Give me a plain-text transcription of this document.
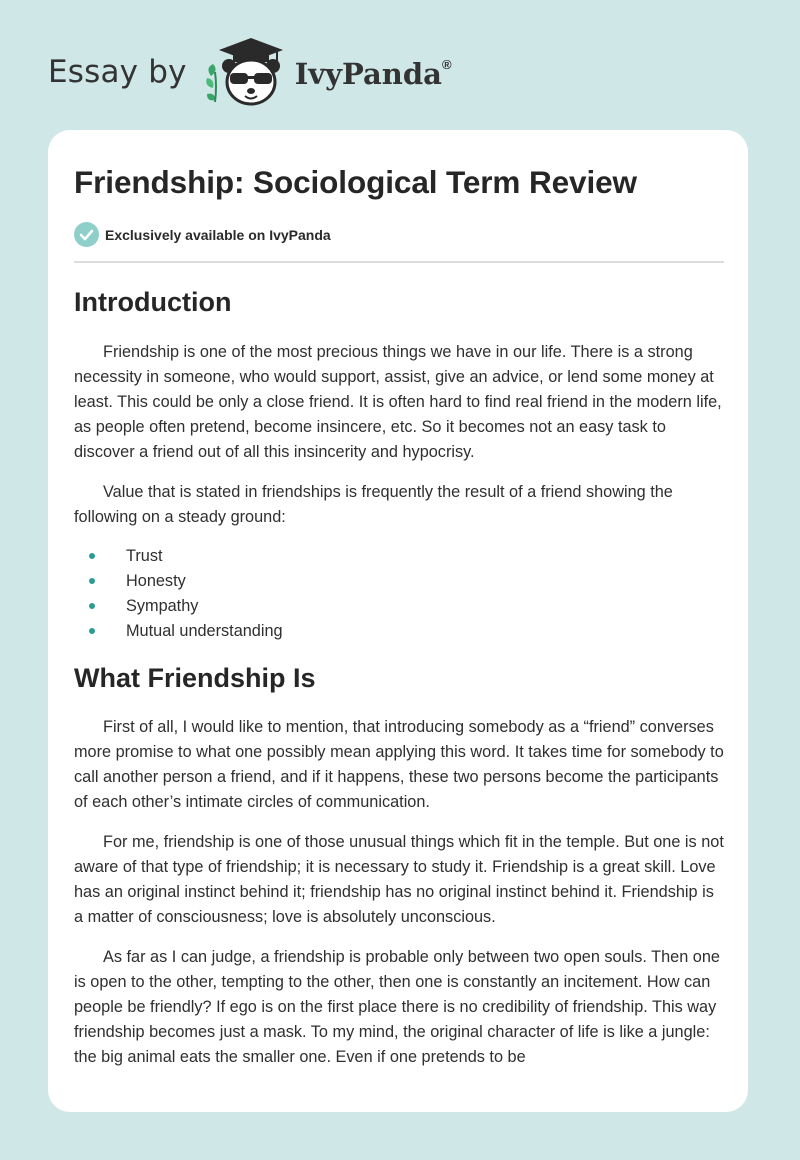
Essay by	IvyPanda®
Friendship: Sociological Term Review
Exclusively available on IvyPanda
Introduction

Friendship is one of the most precious things we have in our life. There is a strong necessity in someone, who would support, assist, give an advice, or lend some money at least. This could be only a close friend. It is often hard to find real friend in the modern life, as people often pretend, become insincere, etc. So it becomes not an easy task to discover a friend out of all this insincerity and hypocrisy.

Value that is stated in friendships is frequently the result of a friend showing the following on a steady ground:

Trust
Honesty
Sympathy
Mutual understanding
What Friendship Is

First of all, I would like to mention, that introducing somebody as a “friend” converses more promise to what one possibly mean applying this word. It takes time for somebody to call another person a friend, and if it happens, these two persons become the participants of each other’s intimate circles of communication.

For me, friendship is one of those unusual things which fit in the temple. But one is not aware of that type of friendship; it is necessary to study it. Friendship is a great skill. Love has an original instinct behind it; friendship has no original instinct behind it. Friendship is a matter of consciousness; love is absolutely unconscious.

As far as I can judge, a friendship is probable only between two open souls. Then one is open to the other, tempting to the other, then one is constantly an incitement. How can people be friendly? If ego is on the first place there is no credibility of friendship. This way friendship becomes just a mask. To my mind, the original character of life is like a jungle: the big animal eats the smaller one. Even if one pretends to be
